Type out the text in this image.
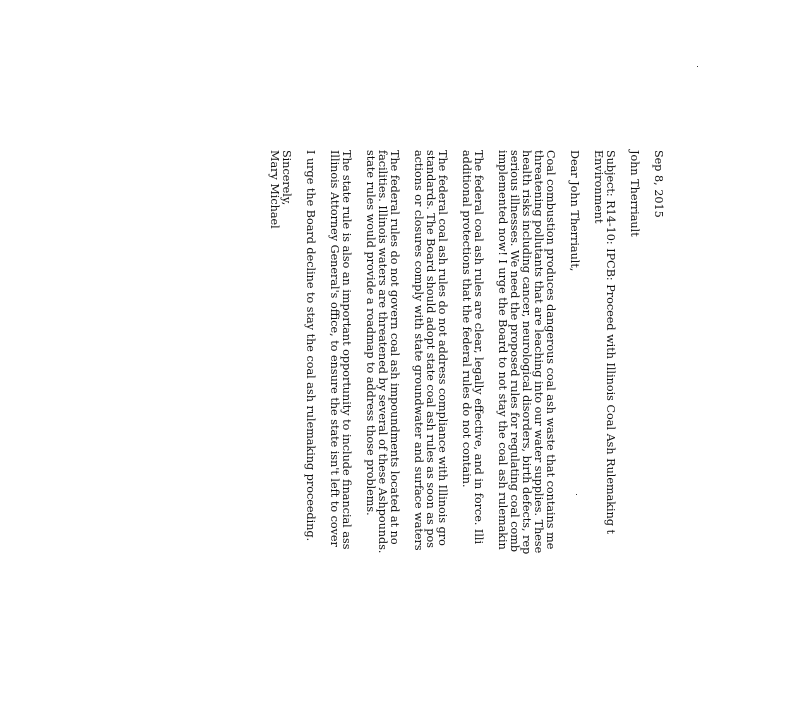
Sep 8, 2015
John Therriault
Subject: R14-10: IPCB: Proceed with Illinois Coal Ash Rulemaking t
Environment
Dear John Therriault,
Coal combustion produces dangerous coal ash waste that contains me
threatening pollutants that are leaching into our water supplies. These
health risks including cancer, neurological disorders, birth defects, rep
serious illnesses. We need the proposed rules for regulating coal comb
implemented now! I urge the Board to not stay the coal ash rulemakin
The federal coal ash rules are clear, legally effective, and in force. Illi
additional protections that the federal rules do not contain.
The federal coal ash rules do not address compliance with Illinois gro
standards. The Board should adopt state coal ash rules as soon as pos
actions or closures comply with state groundwater and surface waters
The federal rules do not govern coal ash impoundments located at no
facilities. Illinois waters are threatened by several of these Ashpounds.
state rules would provide a roadmap to address those problems.
The state rule is also an important opportunity to include financial ass
Illinois Attorney General's office, to ensure the state isn't left to cover
I urge the Board decline to stay the coal ash rulemaking proceeding.
Sincerely,
Mary Michael
